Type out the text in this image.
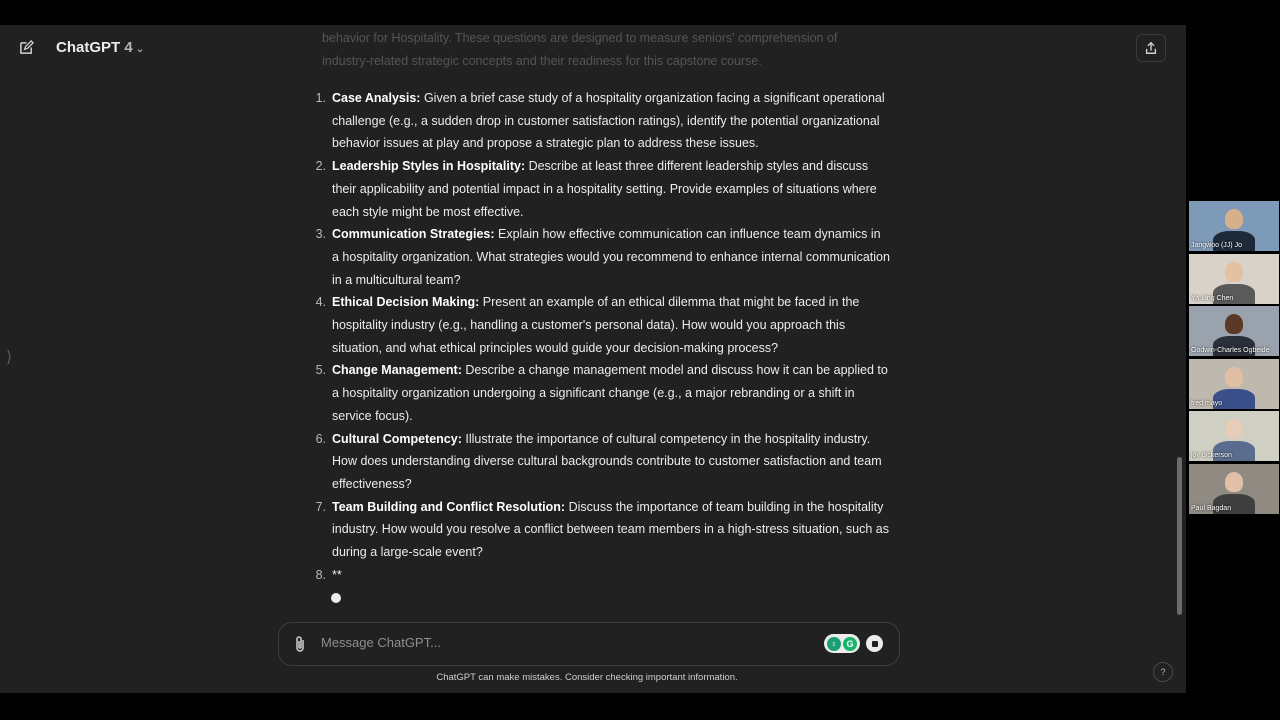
ChatGPT 4 ⌄
behavior for Hospitality. These questions are designed to measure seniors' comprehension of industry-related strategic concepts and their readiness for this capstone course.
1. Case Analysis: Given a brief case study of a hospitality organization facing a significant operational challenge (e.g., a sudden drop in customer satisfaction ratings), identify the potential organizational behavior issues at play and propose a strategic plan to address these issues.
2. Leadership Styles in Hospitality: Describe at least three different leadership styles and discuss their applicability and potential impact in a hospitality setting. Provide examples of situations where each style might be most effective.
3. Communication Strategies: Explain how effective communication can influence team dynamics in a hospitality organization. What strategies would you recommend to enhance internal communication in a multicultural team?
4. Ethical Decision Making: Present an example of an ethical dilemma that might be faced in the hospitality industry (e.g., handling a customer's personal data). How would you approach this situation, and what ethical principles would guide your decision-making process?
5. Change Management: Describe a change management model and discuss how it can be applied to a hospitality organization undergoing a significant change (e.g., a major rebranding or a shift in service focus).
6. Cultural Competency: Illustrate the importance of cultural competency in the hospitality industry. How does understanding diverse cultural backgrounds contribute to customer satisfaction and team effectiveness?
7. Team Building and Conflict Resolution: Discuss the importance of team building in the hospitality industry. How would you resolve a conflict between team members in a high-stress situation, such as during a large-scale event?
8. **
⟩
Message ChatGPT...	♀	G
ChatGPT can make mistakes. Consider checking important information.	?
Jangwoo (JJ) Jo
Ya-Ling Chen
Godwin-Charles Ogbeide
fred mayo
joy dickerson
Paul Bagdan
